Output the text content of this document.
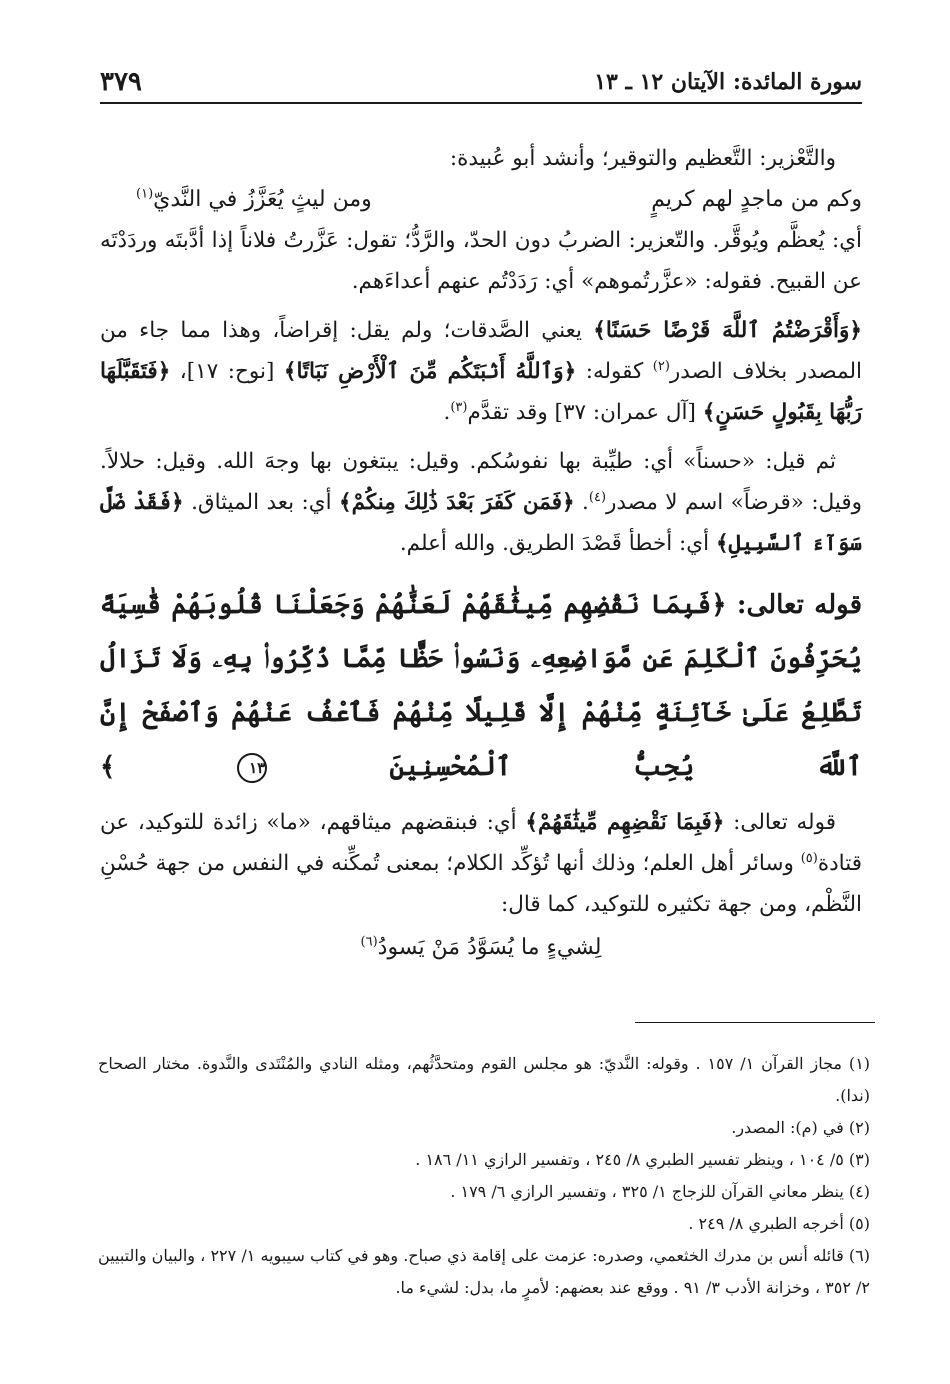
سورة المائدة: الآيتان ١٢ ـ ١٣
٣٧٩

والتَّعْزير: التَّعظيم والتوقير؛ وأنشد أبو عُبيدة:

وكم من ماجدٍ لهم كريمٍ
ومن ليثٍ يُعَزَّزُ في النَّديّ$^{(١)}$

أي: يُعظَّم ويُوقَّر. والتّعزير: الضربُ دون الحدّ، والرَّدُّ؛ تقول: عَزَّرتُ فلاناً إذا أدَّبتَه وردَدْتَه عن القبيح. فقوله: «عزَّرتُموهم» أي: رَدَدْتُم عنهم أعداءَهم.

﴿وَأَقْرَضْتُمُ ٱللَّهَ قَرْضًا حَسَنًا﴾ يعني الصَّدقات؛ ولم يقل: إقراضاً، وهذا مما جاء من المصدر بخلاف الصدر$^{(٢)}$ كقوله: ﴿وَٱللَّهُ أَنۢبَتَكُم مِّنَ ٱلْأَرْضِ نَبَاتًا﴾ [نوح: ١٧]، ﴿فَتَقَبَّلَهَا رَبُّهَا بِقَبُولٍ حَسَنٍ﴾ [آل عمران: ٣٧] وقد تقدَّم$^{(٣)}$.

ثم قيل: «حسناً» أي: طيِّبة بها نفوسُكم. وقيل: يبتغون بها وجهَ الله. وقيل: حلالاً. وقيل: «قرضاً» اسم لا مصدر$^{(٤)}$. ﴿فَمَن كَفَرَ بَعْدَ ذَٰلِكَ مِنكُمْ﴾ أي: بعد الميثاق. ﴿فَقَدْ ضَلَّ سَوَآءَ ٱلسَّبِيلِ﴾ أي: أخطأ قَصْدَ الطريق. والله أعلم.

قوله تعالى: ﴿فَبِمَا نَقْضِهِم مِّيثَٰقَهُمْ لَعَنَّٰهُمْ وَجَعَلْنَا قُلُوبَهُمْ قَٰسِيَةً يُحَرِّفُونَ ٱلْكَلِمَ عَن مَّوَاضِعِهِۦ وَنَسُوا۟ حَظًّا مِّمَّا ذُكِّرُوا۟ بِهِۦ وَلَا تَزَالُ تَطَّلِعُ عَلَىٰ خَآئِنَةٍ مِّنْهُمْ إِلَّا قَلِيلًا مِّنْهُمْ فَٱعْفُ عَنْهُمْ وَٱصْفَحْ إِنَّ ٱللَّهَ يُحِبُّ ٱلْمُحْسِنِينَ ١٣ ﴾

قوله تعالى: ﴿فَبِمَا نَقْضِهِم مِّيثَٰقَهُمْ﴾ أي: فبنقضهم ميثاقهم، «ما» زائدة للتوكيد، عن قتادة$^{(٥)}$ وسائر أهل العلم؛ وذلك أنها تُؤكِّد الكلام؛ بمعنى تُمكِّنه في النفس من جهة حُسْنِ النَّظْم، ومن جهة تكثيره للتوكيد، كما قال:

لِشيءٍ ما يُسَوَّدُ مَنْ يَسودُ$^{(٦)}$

(١) مجاز القرآن ١/ ١٥٧ . وقوله: النَّديّ: هو مجلس القوم ومتحدَّثُهم، ومثله النادي والمُنْتَدى والنَّدوة. مختار الصحاح (ندا).

(٢) في (م): المصدر.

(٣) ٥/ ١٠٤ ، وينظر تفسير الطبري ٨/ ٢٤٥ ، وتفسير الرازي ١١/ ١٨٦ .

(٤) ينظر معاني القرآن للزجاج ١/ ٣٢٥ ، وتفسير الرازي ٦/ ١٧٩ .

(٥) أخرجه الطبري ٨/ ٢٤٩ .

(٦) قائله أنس بن مدرك الخثعمي، وصدره: عزمت على إقامة ذي صباح. وهو في كتاب سيبويه ١/ ٢٢٧ ، والبيان والتبيين ٢/ ٣٥٢ ، وخزانة الأدب ٣/ ٩١ . ووقع عند بعضهم: لأمرٍ ما، بدل: لشيء ما.
